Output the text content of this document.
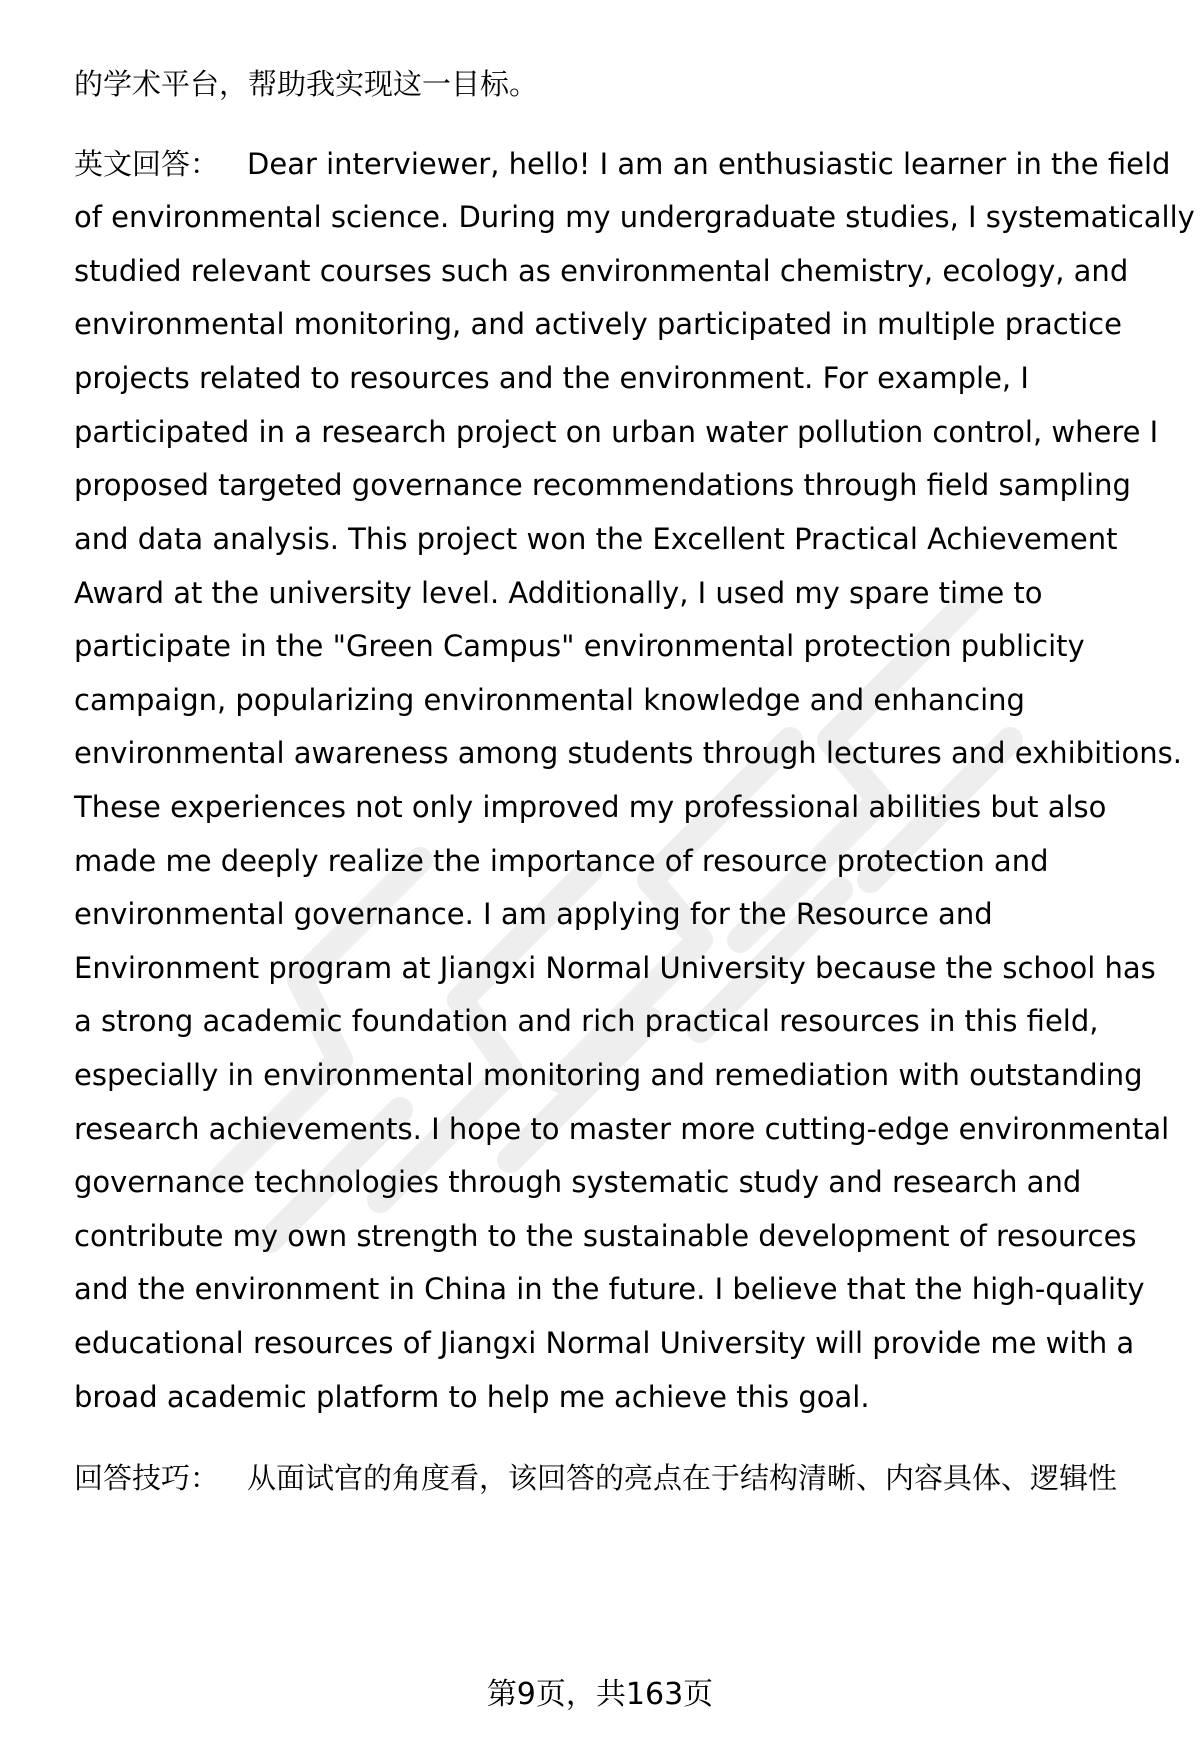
的学术平台，帮助我实现这一目标。
英文回答： Dear interviewer, hello! I am an enthusiastic learner in the field
of environmental science. During my undergraduate studies, I systematically
studied relevant courses such as environmental chemistry, ecology, and
environmental monitoring, and actively participated in multiple practice
projects related to resources and the environment. For example, I
participated in a research project on urban water pollution control, where I
proposed targeted governance recommendations through field sampling
and data analysis. This project won the Excellent Practical Achievement
Award at the university level. Additionally, I used my spare time to
participate in the "Green Campus" environmental protection publicity
campaign, popularizing environmental knowledge and enhancing
environmental awareness among students through lectures and exhibitions.
These experiences not only improved my professional abilities but also
made me deeply realize the importance of resource protection and
environmental governance. I am applying for the Resource and
Environment program at Jiangxi Normal University because the school has
a strong academic foundation and rich practical resources in this field,
especially in environmental monitoring and remediation with outstanding
research achievements. I hope to master more cutting-edge environmental
governance technologies through systematic study and research and
contribute my own strength to the sustainable development of resources
and the environment in China in the future. I believe that the high-quality
educational resources of Jiangxi Normal University will provide me with a
broad academic platform to help me achieve this goal.
回答技巧： 从面试官的角度看，该回答的亮点在于结构清晰、内容具体、逻辑性
第9页，共163页
